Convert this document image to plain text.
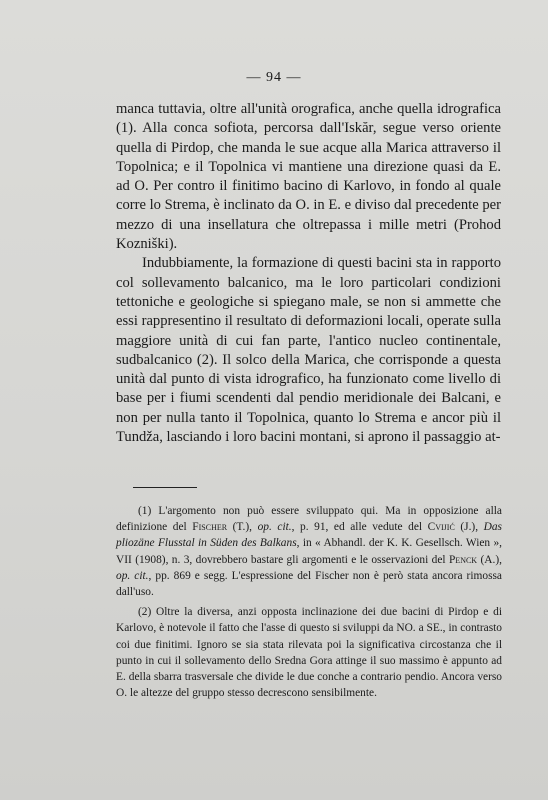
— 94 —

manca tuttavia, oltre all'unità orografica, anche quella idrografica (1). Alla conca sofiota, percorsa dall'Iskăr, segue verso oriente quella di Pirdop, che manda le sue acque alla Marica attraverso il Topolnica; e il Topolnica vi mantiene una direzione quasi da E. ad O. Per contro il finitimo bacino di Karlovo, in fondo al quale corre lo Strema, è inclinato da O. in E. e diviso dal precedente per mezzo di una insellatura che oltrepassa i mille metri (Prohod Kozniški).

Indubbiamente, la formazione di questi bacini sta in rapporto col sollevamento balcanico, ma le loro particolari condizioni tettoniche e geologiche si spiegano male, se non si ammette che essi rappresentino il resultato di deformazioni locali, operate sulla maggiore unità di cui fan parte, l'antico nucleo continentale, sudbalcanico (2). Il solco della Marica, che corrisponde a questa unità dal punto di vista idrografico, ha funzionato come livello di base per i fiumi scendenti dal pendio meridionale dei Balcani, e non per nulla tanto il Topolnica, quanto lo Strema e ancor più il Tundža, lasciando i loro bacini montani, si aprono il passaggio at-

(1) L'argomento non può essere sviluppato qui. Ma in opposizione alla definizione del Fischer (T.), op. cit., p. 91, ed alle vedute del Cvijić (J.), Das pliozäne Flusstal in Süden des Balkans, in « Abhandl. der K. K. Gesellsch. Wien », VII (1908), n. 3, dovrebbero bastare gli argomenti e le osservazioni del Penck (A.), op. cit., pp. 869 e segg. L'espressione del Fischer non è però stata ancora rimossa dall'uso.

(2) Oltre la diversa, anzi opposta inclinazione dei due bacini di Pirdop e di Karlovo, è notevole il fatto che l'asse di questo si sviluppi da NO. a SE., in contrasto coi due finitimi. Ignoro se sia stata rilevata poi la significativa circostanza che il punto in cui il sollevamento dello Sredna Gora attinge il suo massimo è appunto ad E. della sbarra trasversale che divide le due conche a contrario pendio. Ancora verso O. le altezze del gruppo stesso decrescono sensibilmente.
